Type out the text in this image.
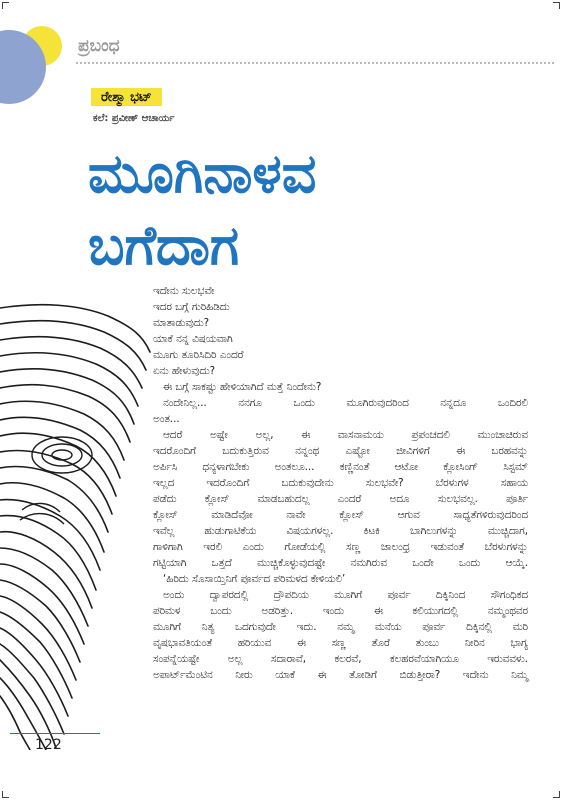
ಪ್ರಬಂಧ
ರೇಶ್ಮಾ ಭಟ್
ಕಲೆ: ಪ್ರವೀಣ್ ಆಚಾರ್ಯ
ಮೂಗಿನಾಳವ
ಬಗೆದಾಗ
ಇದೇನು ಸುಲಭವೇ
ಇದರ ಬಗ್ಗೆ ಗುರಿಹಿಡಿದು
ಮಾತಾಡುವುದು?
ಯಾಕೆ ನನ್ನ ವಿಷಯವಾಗಿ
ಮೂಗು ತೂರಿಸಿದಿರಿ ಎಂದರೆ
ಏನು ಹೇಳುವುದು?
ಈ ಬಗ್ಗೆ ಸಾಕಷ್ಟು ಹೇಳಿಯಾಗಿದೆ ಮತ್ತೆ ನಿಂದೇನು?
ನಂದೇನಿಲ್ಲ... ನನಗೂ ಒಂದು ಮೂಗಿರುವುದರಿಂದ ನನ್ನದೂ ಒಂದಿರಲಿ
ಅಂತ...
ಆದರೆ ಅಷ್ಟೇ ಅಲ್ಲ, ಈ ವಾಸನಾಮಯ ಪ್ರಪಂಚದಲಿ ಮುಂಚಾಚಿರುವ
ಇದರೊಂದಿಗೆ ಬದುಕುತ್ತಿರುವ ನನ್ನಂಥ ಎಷ್ಟೋ ಜೀವಿಗಳಿಗೆ ಈ ಬರಹವನ್ನು
ಅರ್ಪಿಸಿ ಧನ್ಯಳಾಗಬೇಕು ಅಂತಲೂ... ಕಣ್ಣಿನಂತೆ ಆಟೋ ಕ್ಲೋಸಿಂಗ್ ಸಿಸ್ಟಮ್
ಇಲ್ಲದ ಇದರೊಂದಿಗೆ ಬದುಕುವುದೇನು ಸುಲಭವೇ? ಬೆರಳುಗಳ ಸಹಾಯ
ಪಡೆದು ಕ್ಲೋಸ್ ಮಾಡಬಹುದಲ್ಲ ಎಂದರೆ ಅದೂ ಸುಲಭವಲ್ಲ. ಪೂರ್ತಿ
ಕ್ಲೋಸ್ ಮಾಡಿದೆವೋ ನಾವೇ ಕ್ಲೋಸ್ ಆಗುವ ಸಾಧ್ಯತೆಗಳಿರುವುದರಿಂದ
ಇವೆಲ್ಲ ಹುಡುಗಾಟಿಕೆಯ ವಿಷಯಗಳಲ್ಲ. ಕಿಟಕಿ ಬಾಗಿಲುಗಳನ್ನು ಮುಚ್ಚಿದಾಗ,
ಗಾಳಿಗಾಗಿ ಇರಲಿ ಎಂದು ಗೋಡೆಯಲ್ಲಿ ಸಣ್ಣ ಜಾಲಂಧ್ರ ಇಡುವಂತೆ ಬೆರಳುಗಳನ್ನು
ಗಟ್ಟಿಯಾಗಿ ಒತ್ತದೆ ಮುಚ್ಚಿಕೊಳ್ಳುವುದಷ್ಟೇ ನಮಗಿರುವ ಒಂದೇ ಒಂದು ಆಯ್ಕೆ.
‘ಹಿರಿದು ಸೊಸಾಯ್ತಿನಿಗೆ ಪೂರ್ವದ ಪರಿಮಳದ ಕೇಳಿಯಲಿ’
ಅಂದು ದ್ವಾಪರದಲ್ಲಿ ದ್ರೌಪದಿಯ ಮೂಗಿಗೆ ಪೂರ್ವ ದಿಕ್ಕಿನಿಂದ ಸೌಗಂಧಿಕದ
ಪರಿಮಳ ಬಂದು ಅಡರಿತ್ತು. ಇಂದು ಈ ಕಲಿಯುಗದಲ್ಲಿ ನಮ್ಮಂಥವರ
ಮೂಗಿಗೆ ನಿತ್ಯ ಒದಗುವುದೇ ಇದು. ನಮ್ಮ ಮನೆಯ ಪೂರ್ವ ದಿಕ್ಕಿನಲ್ಲಿ ಮರಿ
ವೃಷಭಾವತಿಯಂತೆ ಹರಿಯುವ ಈ ಸಣ್ಣ ತೊರೆ ತುಂಬು ನೀರಿನ ಭಾಗ್ಯ
ಸಂಪನ್ನೆಯಷ್ಟೇ ಅಲ್ಲ ಸದಾರಾವೆ, ಕಲರವೆ, ಕಲಹರವೆಯಾಗಿಯೂ ಇರುವವಳು.
ಅಪಾರ್ಟ್‌ಮೆಂಟಿನ ನೀರು ಯಾಕೆ ಈ ತೋಡಿಗೆ ಬಿಡುತ್ತೀರಾ? ಇದೇನು ನಿಮ್ಮ
122
